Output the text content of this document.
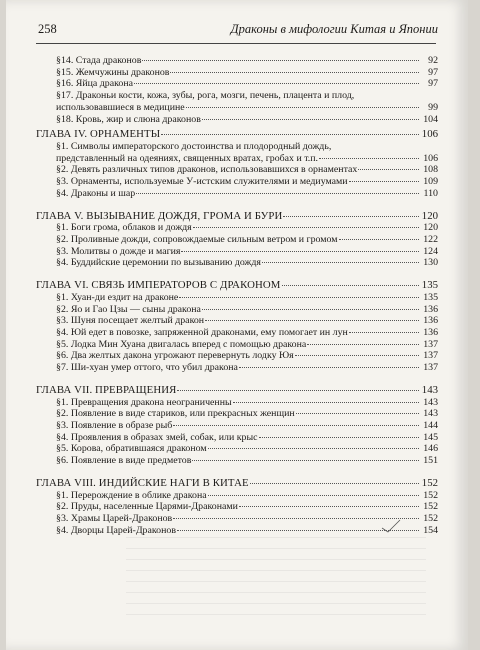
258	Драконы в мифологии Китая и Японии
§14. Стада драконов	92
§15. Жемчужины драконов	97
§16. Яйца дракона	97
§17. Драконьи кости, кожа, зубы, рога, мозги, печень, плацента и плод,
использовавшиеся в медицине	99
§18. Кровь, жир и слюна драконов	104
ГЛАВА IV. ОРНАМЕНТЫ	106
§1. Символы императорского достоинства и плодородный дождь,
представленный на одеяниях, священных вратах, гробах и т.п.	106
§2. Девять различных типов драконов, использовавшихся в орнаментах	108
§3. Орнаменты, используемые У-истским служителями и медиумами	109
§4. Драконы и шар	110
ГЛАВА V. ВЫЗЫВАНИЕ ДОЖДЯ, ГРОМА И БУРИ	120
§1. Боги грома, облаков и дождя	120
§2. Проливные дожди, сопровождаемые сильным ветром и громом	122
§3. Молитвы о дожде и магия	124
§4. Буддийские церемонии по вызыванию дождя	130
ГЛАВА VI. СВЯЗЬ ИМПЕРАТОРОВ С ДРАКОНОМ	135
§1. Хуан-ди ездит на драконе	135
§2. Яо и Гао Цзы — сыны дракона	136
§3. Шуня посещает желтый дракон	136
§4. Юй едет в повозке, запряженной драконами, ему помогает ин лун	136
§5. Лодка Мин Хуана двигалась вперед с помощью дракона	137
§6. Два желтых дакона угрожают перевернуть лодку Юя	137
§7. Ши-хуан умер оттого, что убил дракона	137
ГЛАВА VII. ПРЕВРАЩЕНИЯ	143
§1. Превращения дракона неограниченны	143
§2. Появление в виде стариков, или прекрасных женщин	143
§3. Появление в образе рыб	144
§4. Проявления в образах змей, собак, или крыс	145
§5. Корова, обратившаяся драконом	146
§6. Появление в виде предметов	151
ГЛАВА VIII. ИНДИЙСКИЕ НАГИ В КИТАЕ	152
§1. Перерождение в облике дракона	152
§2. Пруды, населенные Царями-Драконами	152
§3. Храмы Царей-Драконов	152
§4. Дворцы Царей-Драконов	154
